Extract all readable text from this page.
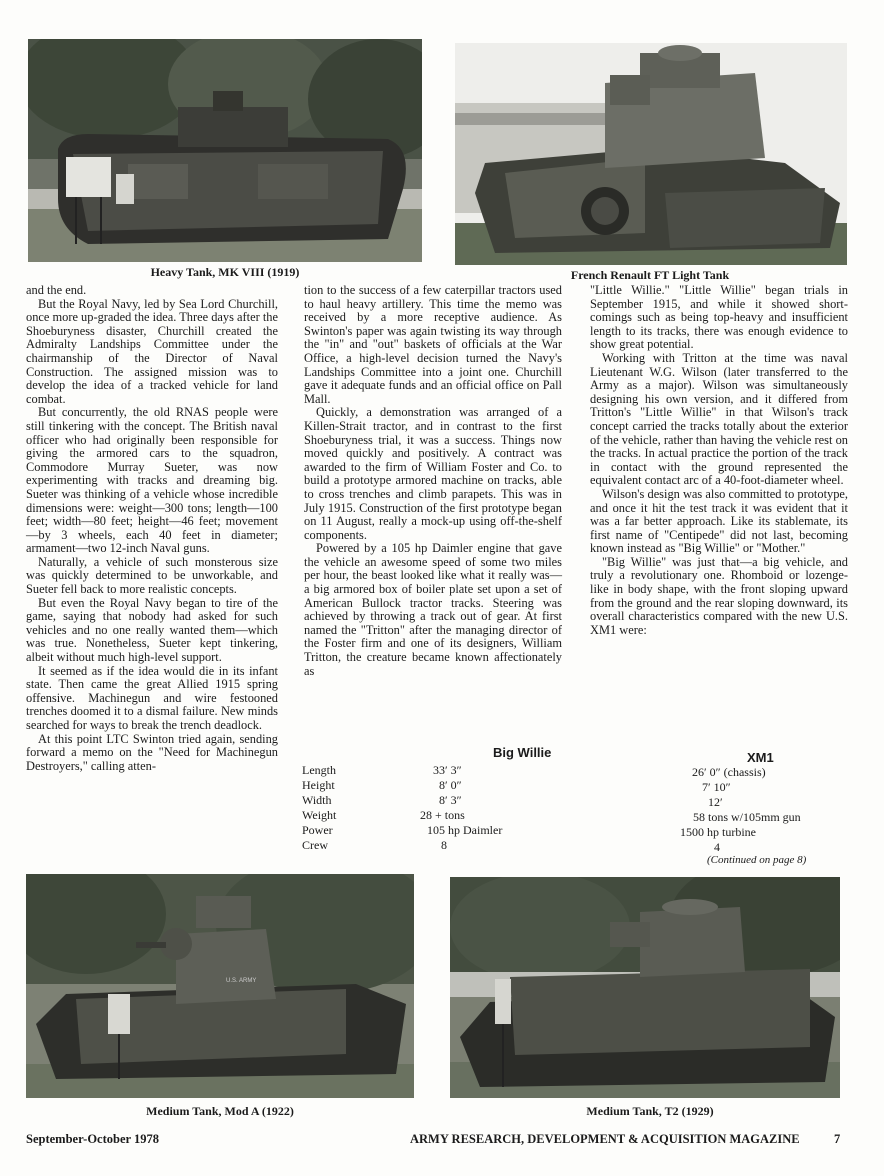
Heavy Tank, MK VIII (1919)	French Renault FT Light Tank

and the end.

But the Royal Navy, led by Sea Lord Churchill, once more up-graded the idea. Three days after the Shoeburyness disaster, Churchill created the Admiralty Landships Committee under the chairmanship of the Director of Naval Construction. The assigned mission was to develop the idea of a tracked vehicle for land combat.

But concurrently, the old RNAS people were still tinkering with the concept. The British naval officer who had originally been responsible for giving the armored cars to the squadron, Commodore Murray Sueter, was now experimenting with tracks and dreaming big. Sueter was thinking of a vehicle whose incredible dimensions were: weight—300 tons; length—100 feet; width—80 feet; height—46 feet; movement—by 3 wheels, each 40 feet in diameter; armament—two 12-inch Naval guns.

Naturally, a vehicle of such monsterous size was quickly determined to be unworkable, and Sueter fell back to more realistic concepts.

But even the Royal Navy began to tire of the game, saying that nobody had asked for such vehicles and no one really wanted them—which was true. Nonetheless, Sueter kept tinkering, albeit without much high-level support.

It seemed as if the idea would die in its infant state. Then came the great Allied 1915 spring offensive. Machinegun and wire festooned trenches doomed it to a dismal failure. New minds searched for ways to break the trench deadlock.

At this point LTC Swinton tried again, sending forward a memo on the "Need for Machinegun Destroyers," calling atten-

tion to the success of a few caterpillar tractors used to haul heavy artillery. This time the memo was received by a more receptive audience. As Swinton's paper was again twisting its way through the "in" and "out" baskets of officials at the War Office, a high-level decision turned the Navy's Landships Committee into a joint one. Churchill gave it adequate funds and an official office on Pall Mall.

Quickly, a demonstration was arranged of a Killen-Strait tractor, and in contrast to the first Shoeburyness trial, it was a success. Things now moved quickly and positively. A contract was awarded to the firm of William Foster and Co. to build a prototype armored machine on tracks, able to cross trenches and climb parapets. This was in July 1915. Construction of the first prototype began on 11 August, really a mock-up using off-the-shelf components.

Powered by a 105 hp Daimler engine that gave the vehicle an awesome speed of some two miles per hour, the beast looked like what it really was—a big armored box of boiler plate set upon a set of American Bullock tractor tracks. Steering was achieved by throwing a track out of gear. At first named the "Tritton" after the managing director of the Foster firm and one of its designers, William Tritton, the creature became known affectionately as

"Little Willie." "Little Willie" began trials in September 1915, and while it showed short-comings such as being top-heavy and insufficient length to its tracks, there was enough evidence to show great potential.

Working with Tritton at the time was naval Lieutenant W.G. Wilson (later transferred to the Army as a major). Wilson was simultaneously designing his own version, and it differed from Tritton's "Little Willie" in that Wilson's track concept carried the tracks totally about the exterior of the vehicle, rather than having the vehicle rest on the tracks. In actual practice the portion of the track in contact with the ground represented the equivalent contact arc of a 40-foot-diameter wheel.

Wilson's design was also committed to prototype, and once it hit the test track it was evident that it was a far better approach. Like its stablemate, its first name of "Centipede" did not last, becoming known instead as "Big Willie" or "Mother."

"Big Willie" was just that—a big vehicle, and truly a revolutionary one. Rhomboid or lozenge-like in body shape, with the front sloping upward from the ground and the rear sloping downward, its overall characteristics compared with the new U.S. XM1 were:

Big Willie	XM1
Length	33′ 3″	26′ 0″ (chassis)
Height	8′ 0″	7′ 10″
Width	8′ 3″	12′
Weight	28 + tons	58 tons w/105mm gun
Power	105 hp Daimler	1500 hp turbine
Crew	8	4
(Continued on page 8)
U.S. ARMY
Medium Tank, Mod A (1922)	Medium Tank, T2 (1929)
September-October 1978	ARMY RESEARCH, DEVELOPMENT & ACQUISITION MAGAZINE	7
